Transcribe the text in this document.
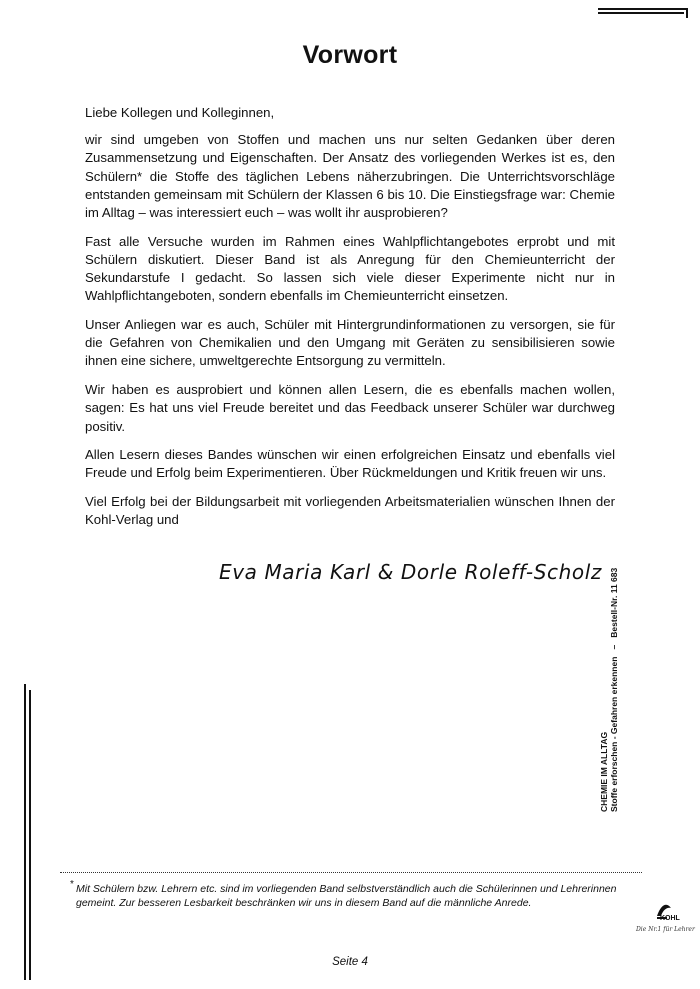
Vorwort

Liebe Kollegen und Kolleginnen,

wir sind umgeben von Stoffen und machen uns nur selten Gedanken über deren Zusammensetzung und Eigenschaften. Der Ansatz des vorliegenden Werkes ist es, den Schülern* die Stoffe des täglichen Lebens näherzubringen. Die Unterrichtsvorschläge entstanden gemeinsam mit Schülern der Klassen 6 bis 10. Die Einstiegsfrage war: Chemie im Alltag – was interessiert euch – was wollt ihr ausprobieren?

Fast alle Versuche wurden im Rahmen eines Wahlpflichtangebotes erprobt und mit Schülern diskutiert. Dieser Band ist als Anregung für den Chemieunterricht der Sekundarstufe I gedacht. So lassen sich viele dieser Experimente nicht nur in Wahlpflichtangeboten, sondern ebenfalls im Chemieunterricht einsetzen.

Unser Anliegen war es auch, Schüler mit Hintergrundinformationen zu versorgen, sie für die Gefahren von Chemikalien und den Umgang mit Geräten zu sensibilisieren sowie ihnen eine sichere, umweltgerechte Entsorgung zu vermitteln.

Wir haben es ausprobiert und können allen Lesern, die es ebenfalls machen wollen, sagen: Es hat uns viel Freude bereitet und das Feedback unserer Schüler war durchweg positiv.

Allen Lesern dieses Bandes wünschen wir einen erfolgreichen Einsatz und ebenfalls viel Freude und Erfolg beim Experimentieren. Über Rückmeldungen und Kritik freuen wir uns.

Viel Erfolg bei der Bildungsarbeit mit vorliegenden Arbeitsmaterialien wünschen Ihnen der Kohl-Verlag und

Eva Maria Karl & Dorle Roleff-Scholz
* Mit Schülern bzw. Lehrern etc. sind im vorliegenden Band selbstverständlich auch die Schülerinnen und Lehrerinnen gemeint. Zur besseren Lesbarkeit beschränken wir uns in diesem Band auf die männliche Anrede.
Seite 4
CHEMIE IM ALLTAG Stoffe erforschen - Gefahren erkennen   –   Bestell-Nr. 11 683
KOHL
Die Nr.1 für Lehrer
